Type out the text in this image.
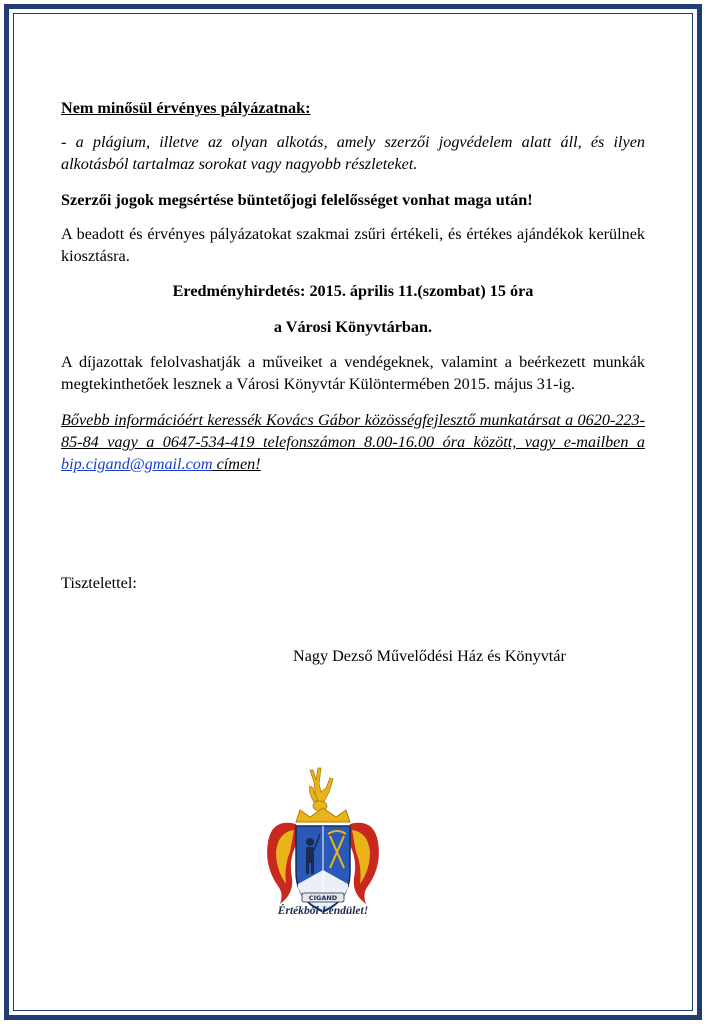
Nem minősül érvényes pályázatnak:

- a plágium, illetve az olyan alkotás, amely szerzői jogvédelem alatt áll, és ilyen alkotásból tartalmaz sorokat vagy nagyobb részleteket.

Szerzői jogok megsértése büntetőjogi felelősséget vonhat maga után!

A beadott és érvényes pályázatokat szakmai zsűri értékeli, és értékes ajándékok kerülnek kiosztásra.

Eredményhirdetés: 2015. április 11.(szombat) 15 óra

a Városi Könyvtárban.

A díjazottak felolvashatják a műveiket a vendégeknek, valamint a beérkezett munkák megtekinthetőek lesznek a Városi Könyvtár Különtermében 2015. május 31-ig.

Bővebb információért keressék Kovács Gábor közösségfejlesztő munkatársat a 0620-223-85-84 vagy a 0647-534-419 telefonszámon 8.00-16.00 óra között, vagy e-mailben a bip.cigand@gmail.com címen!

Tisztelettel:
Nagy Dezső Művelődési Ház és Könyvtár
CIGAND
Értékből Lendület!
